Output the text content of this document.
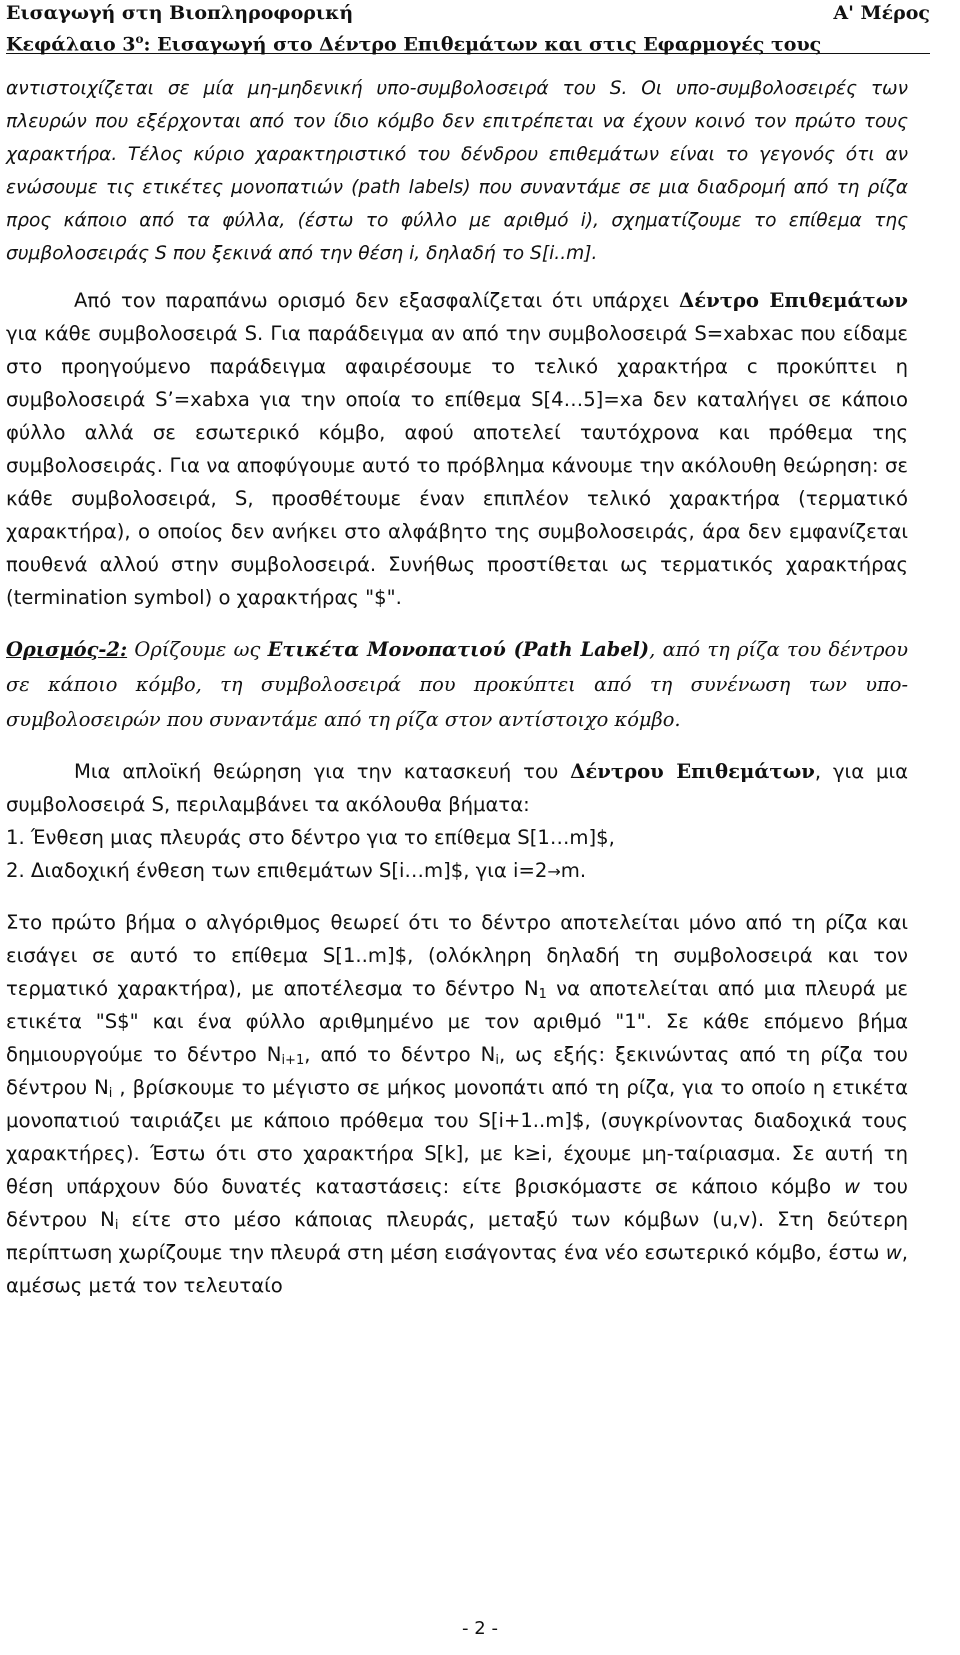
Εισαγωγή στη Βιοπληροφορική	Α' Μέρος
Κεφάλαιο $3^o$: Εισαγωγή στο Δέντρο Επιθεμάτων και στις Εφαρμογές τους

αντιστοιχίζεται σε μία μη-μηδενική υπο-συμβολοσειρά του S. Οι υπο-συμβολοσειρές των πλευρών που εξέρχονται από τον ίδιο κόμβο δεν επιτρέπεται να έχουν κοινό τον πρώτο τους χαρακτήρα. Τέλος κύριο χαρακτηριστικό του δένδρου επιθεμάτων είναι το γεγονός ότι αν ενώσουμε τις ετικέτες μονοπατιών (path labels) που συναντάμε σε μια διαδρομή από τη ρίζα προς κάποιο από τα φύλλα, (έστω το φύλλο με αριθμό i), σχηματίζουμε το επίθεμα της συμβολοσειράς S που ξεκινά από την θέση i, δηλαδή το S[i..m].

Από τον παραπάνω ορισμό δεν εξασφαλίζεται ότι υπάρχει Δέντρο Επιθεμάτων για κάθε συμβολοσειρά S. Για παράδειγμα αν από την συμβολοσειρά S=xabxac που είδαμε στο προηγούμενο παράδειγμα αφαιρέσουμε το τελικό χαρακτήρα c προκύπτει η συμβολοσειρά S’=xabxa για την οποία το επίθεμα S[4…5]=xa δεν καταλήγει σε κάποιο φύλλο αλλά σε εσωτερικό κόμβο, αφού αποτελεί ταυτόχρονα και πρόθεμα της συμβολοσειράς. Για να αποφύγουμε αυτό το πρόβλημα κάνουμε την ακόλουθη θεώρηση: σε κάθε συμβολοσειρά, S, προσθέτουμε έναν επιπλέον τελικό χαρακτήρα (τερματικό χαρακτήρα), ο οποίος δεν ανήκει στο αλφάβητο της συμβολοσειράς, άρα δεν εμφανίζεται πουθενά αλλού στην συμβολοσειρά. Συνήθως προστίθεται ως τερματικός χαρακτήρας (termination symbol) ο χαρακτήρας "$".

Ορισμός-2: Ορίζουμε ως Ετικέτα Μονοπατιού (Path Label), από τη ρίζα του δέντρου σε κάποιο κόμβο, τη συμβολοσειρά που προκύπτει από τη συνένωση των υπο-συμβολοσειρών που συναντάμε από τη ρίζα στον αντίστοιχο κόμβο.

Μια απλοϊκή θεώρηση για την κατασκευή του Δέντρου Επιθεμάτων, για μια συμβολοσειρά S, περιλαμβάνει τα ακόλουθα βήματα:

1. Ένθεση μιας πλευράς στο δέντρο για το επίθεμα S[1…m]$,

2. Διαδοχική ένθεση των επιθεμάτων S[i…m]$, για i=2→m.

Στο πρώτο βήμα ο αλγόριθμος θεωρεί ότι το δέντρο αποτελείται μόνο από τη ρίζα και εισάγει σε αυτό το επίθεμα S[1..m]$, (ολόκληρη δηλαδή τη συμβολοσειρά και τον τερματικό χαρακτήρα), με αποτέλεσμα το δέντρο $N_1$ να αποτελείται από μια πλευρά με ετικέτα "S$" και ένα φύλλο αριθμημένο με τον αριθμό "1". Σε κάθε επόμενο βήμα δημιουργούμε το δέντρο $N_{i+1}$, από το δέντρο $N_i$, ως εξής: ξεκινώντας από τη ρίζα του δέντρου $N_i$ , βρίσκουμε το μέγιστο σε μήκος μονοπάτι από τη ρίζα, για το οποίο η ετικέτα μονοπατιού ταιριάζει με κάποιο πρόθεμα του S[i+1..m]$, (συγκρίνοντας διαδοχικά τους χαρακτήρες). Έστω ότι στο χαρακτήρα S[k], με k≥i, έχουμε μη-ταίριασμα. Σε αυτή τη θέση υπάρχουν δύο δυνατές καταστάσεις: είτε βρισκόμαστε σε κάποιο κόμβο w του δέντρου $N_i$ είτε στο μέσο κάποιας πλευράς, μεταξύ των κόμβων (u,v). Στη δεύτερη περίπτωση χωρίζουμε την πλευρά στη μέση εισάγοντας ένα νέο εσωτερικό κόμβο, έστω w, αμέσως μετά τον τελευταίο

- 2 -
